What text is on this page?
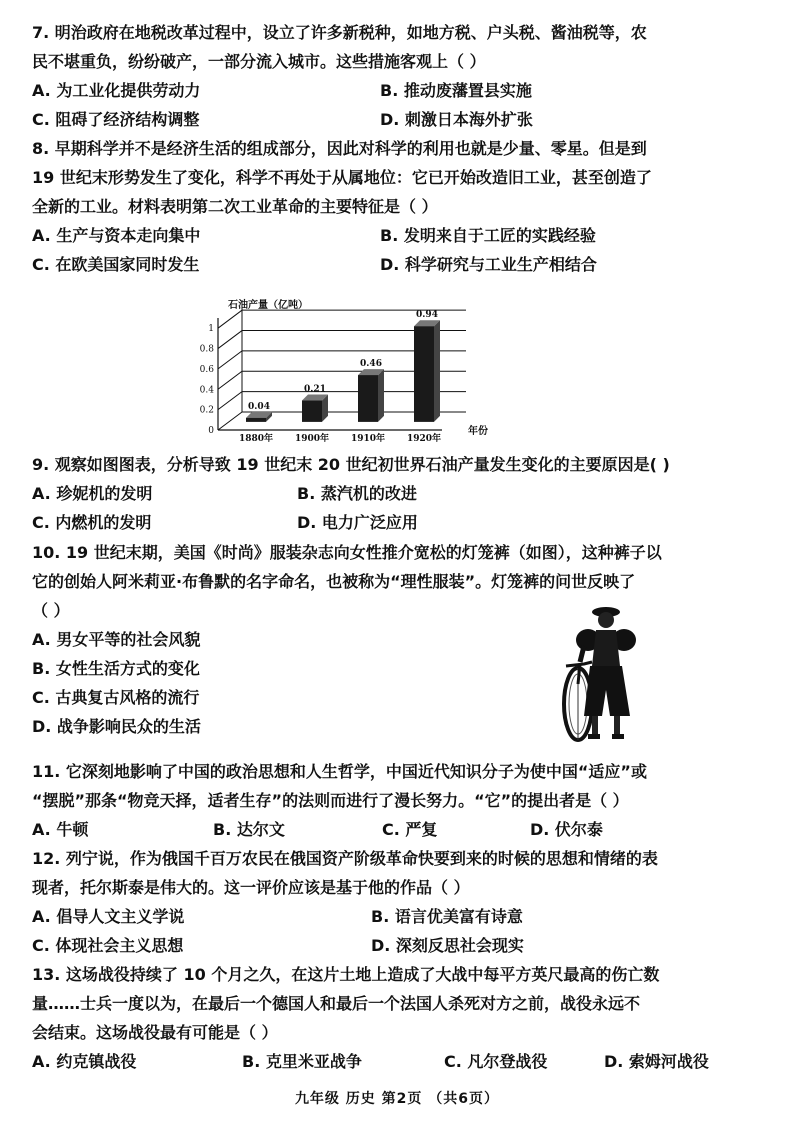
7. 明治政府在地税改革过程中，设立了许多新税种，如地方税、户头税、酱油税等，农
民不堪重负，纷纷破产，一部分流入城市。这些措施客观上（ ）
A. 为工业化提供劳动力	B. 推动废藩置县实施
C. 阻碍了经济结构调整	D. 刺激日本海外扩张
8. 早期科学并不是经济生活的组成部分，因此对科学的利用也就是少量、零星。但是到
19 世纪末形势发生了变化，科学不再处于从属地位：它已开始改造旧工业，甚至创造了
全新的工业。材料表明第二次工业革命的主要特征是（ ）
A. 生产与资本走向集中	B. 发明来自于工匠的实践经验
C. 在欧美国家同时发生	D. 科学研究与工业生产相结合
石油产量（亿吨）
年份
0
0.2
0.4
0.6
0.8
1
0.04
1880年
0.21
1900年
0.46
1910年
0.94
1920年
9. 观察如图图表，分析导致 19 世纪末 20 世纪初世界石油产量发生变化的主要原因是( )
A. 珍妮机的发明	B. 蒸汽机的改进
C. 内燃机的发明	D. 电力广泛应用
10. 19 世纪末期，美国《时尚》服装杂志向女性推介宽松的灯笼裤（如图），这种裤子以
它的创始人阿米莉亚·布鲁默的名字命名，也被称为“理性服装”。灯笼裤的问世反映了
（ ）
A. 男女平等的社会风貌
B. 女性生活方式的变化
C. 古典复古风格的流行
D. 战争影响民众的生活
11. 它深刻地影响了中国的政治思想和人生哲学，中国近代知识分子为使中国“适应”或
“摆脱”那条“物竞天择，适者生存”的法则而进行了漫长努力。“它”的提出者是（ ）
A. 牛顿	B. 达尔文	C. 严复	D. 伏尔泰
12. 列宁说，作为俄国千百万农民在俄国资产阶级革命快要到来的时候的思想和情绪的表
现者，托尔斯泰是伟大的。这一评价应该是基于他的作品（ ）
A. 倡导人文主义学说	B. 语言优美富有诗意
C. 体现社会主义思想	D. 深刻反思社会现实
13. 这场战役持续了 10 个月之久，在这片土地上造成了大战中每平方英尺最高的伤亡数
量……士兵一度以为，在最后一个德国人和最后一个法国人杀死对方之前，战役永远不
会结束。这场战役最有可能是（ ）
A. 约克镇战役	B. 克里米亚战争	C. 凡尔登战役	D. 索姆河战役
九年级 历史 第2页 （共6页）
